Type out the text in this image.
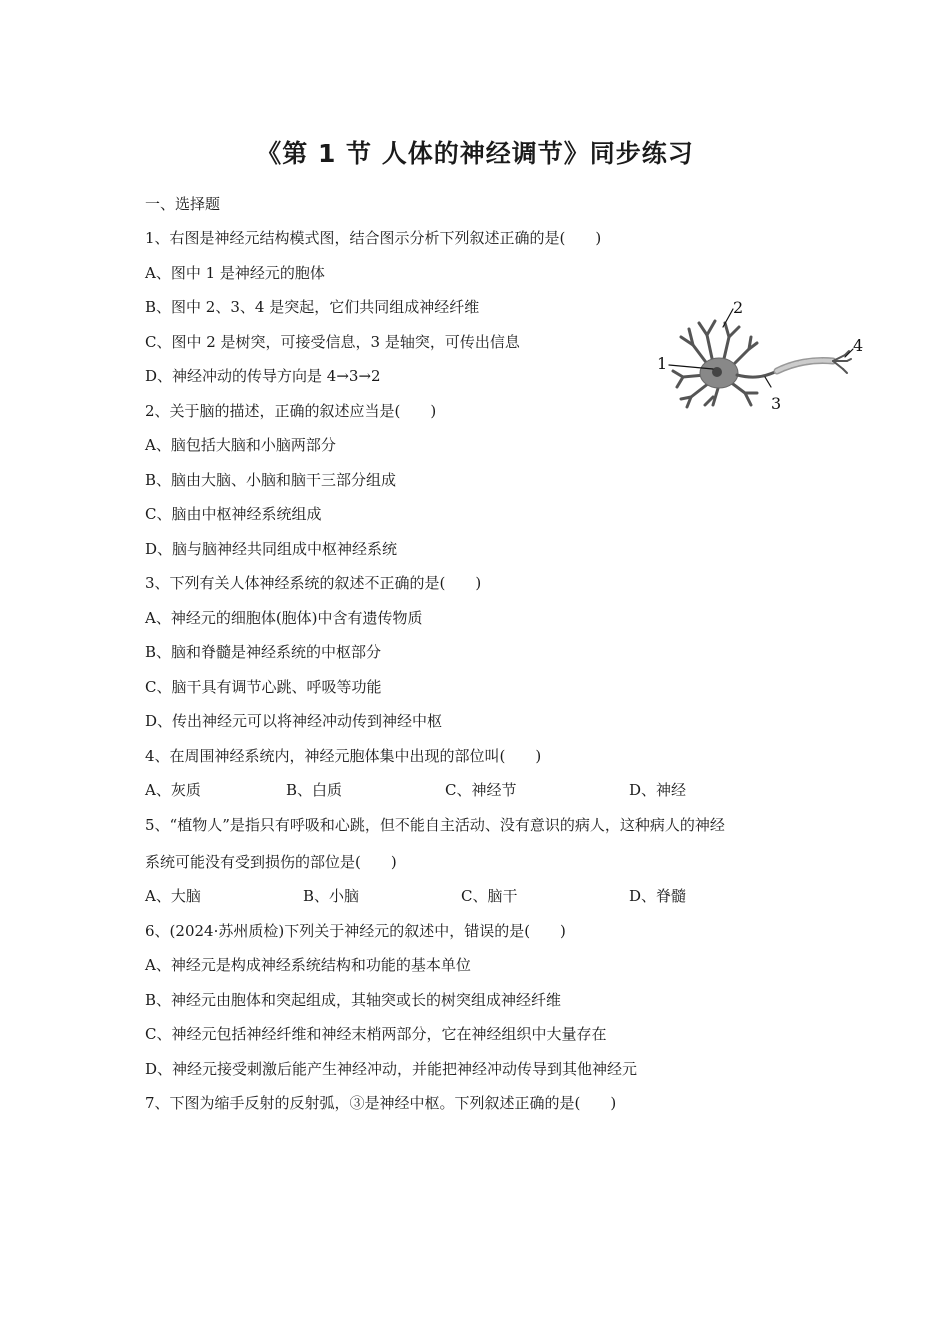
《第 1 节 人体的神经调节》同步练习
一、选择题
1、右图是神经元结构模式图，结合图示分析下列叙述正确的是(　　)
A、图中 1 是神经元的胞体
B、图中 2、3、4 是突起，它们共同组成神经纤维
C、图中 2 是树突，可接受信息，3 是轴突，可传出信息
D、神经冲动的传导方向是 4→3→2
1
2
3
4
2、关于脑的描述，正确的叙述应当是(　　)
A、脑包括大脑和小脑两部分
B、脑由大脑、小脑和脑干三部分组成
C、脑由中枢神经系统组成
D、脑与脑神经共同组成中枢神经系统
3、下列有关人体神经系统的叙述不正确的是(　　)
A、神经元的细胞体(胞体)中含有遗传物质
B、脑和脊髓是神经系统的中枢部分
C、脑干具有调节心跳、呼吸等功能
D、传出神经元可以将神经冲动传到神经中枢
4、在周围神经系统内，神经元胞体集中出现的部位叫(　　)
A、灰质	B、白质	C、神经节	D、神经
5、“植物人”是指只有呼吸和心跳，但不能自主活动、没有意识的病人，这种病人的神经
系统可能没有受到损伤的部位是(　　)
A、大脑	B、小脑	C、脑干	D、脊髓
6、(2024·苏州质检)下列关于神经元的叙述中，错误的是(　　)
A、神经元是构成神经系统结构和功能的基本单位
B、神经元由胞体和突起组成，其轴突或长的树突组成神经纤维
C、神经元包括神经纤维和神经末梢两部分，它在神经组织中大量存在
D、神经元接受刺激后能产生神经冲动，并能把神经冲动传导到其他神经元
7、下图为缩手反射的反射弧，③是神经中枢。下列叙述正确的是(　　)
